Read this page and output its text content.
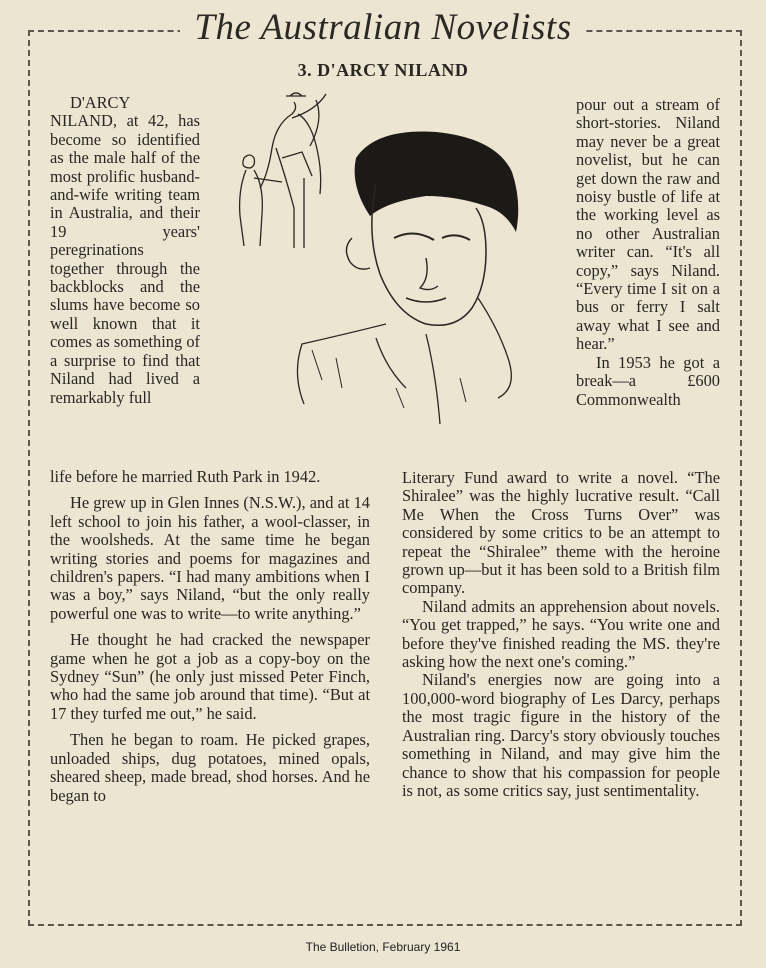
The Australian Novelists
3. D'ARCY NILAND

D'ARCY NILAND, at 42, has become so identified as the male half of the most prolific husband-and-wife writing team in Australia, and their 19 years' peregrinations together through the backblocks and the slums have become so well known that it comes as something of a surprise to find that Niland had lived a remarkably full

life before he married Ruth Park in 1942.

He grew up in Glen Innes (N.S.W.), and at 14 left school to join his father, a wool-classer, in the woolsheds. At the same time he began writing stories and poems for magazines and children's papers. “I had many ambitions when I was a boy,” says Niland, “but the only really powerful one was to write—to write anything.”

He thought he had cracked the newspaper game when he got a job as a copy-boy on the Sydney “Sun” (he only just missed Peter Finch, who had the same job around that time). “But at 17 they turfed me out,” he said.

Then he began to roam. He picked grapes, unloaded ships, dug potatoes, mined opals, sheared sheep, made bread, shod horses. And he began to

pour out a stream of short-stories. Niland may never be a great novelist, but he can get down the raw and noisy bustle of life at the working level as no other Australian writer can. “It's all copy,” says Niland. “Every time I sit on a bus or ferry I salt away what I see and hear.”

In 1953 he got a break—a £600 Commonwealth

Literary Fund award to write a novel. “The Shiralee” was the highly lucrative result. “Call Me When the Cross Turns Over” was considered by some critics to be an attempt to repeat the “Shiralee” theme with the heroine grown up—but it has been sold to a British film company.

Niland admits an apprehension about novels. “You get trapped,” he says. “You write one and before they've finished reading the MS. they're asking how the next one's coming.”

Niland's energies now are going into a 100,000-word biography of Les Darcy, perhaps the most tragic figure in the history of the Australian ring. Darcy's story obviously touches something in Niland, and may give him the chance to show that his compassion for people is not, as some critics say, just sentimentality.

The Bulletion, February 1961
